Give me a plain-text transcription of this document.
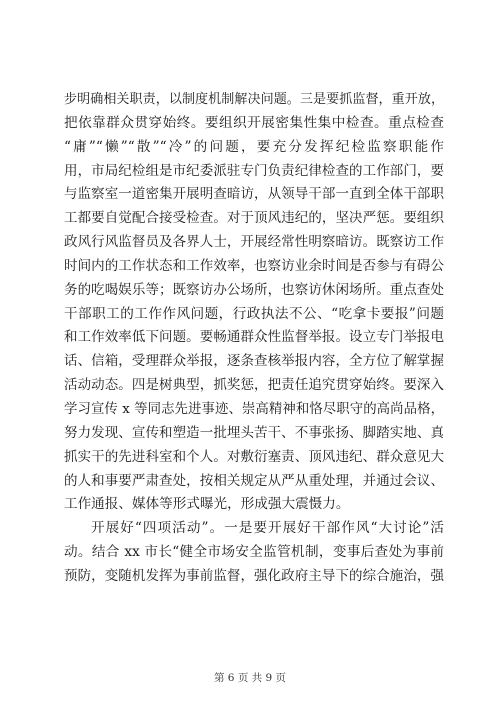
步明确相关职责，以制度机制解决问题。三是要抓监督，重开放，
把依靠群众贯穿始终。要组织开展密集性集中检查。重点检查
“庸”“懒”“散”“冷”的问题，要充分发挥纪检监察职能作
用，市局纪检组是市纪委派驻专门负责纪律检查的工作部门，要
与监察室一道密集开展明查暗访，从领导干部一直到全体干部职
工都要自觉配合接受检查。对于顶风违纪的，坚决严惩。要组织
政风行风监督员及各界人士，开展经常性明察暗访。既察访工作
时间内的工作状态和工作效率，也察访业余时间是否参与有碍公
务的吃喝娱乐等；既察访办公场所，也察访休闲场所。重点查处
干部职工的工作作风问题，行政执法不公、“吃拿卡要报”问题
和工作效率低下问题。要畅通群众性监督举报。设立专门举报电
话、信箱，受理群众举报，逐条查核举报内容，全方位了解掌握
活动动态。四是树典型，抓奖惩，把责任追究贯穿始终。要深入
学习宣传 x 等同志先进事迹、崇高精神和恪尽职守的高尚品格，
努力发现、宣传和塑造一批埋头苦干、不事张扬、脚踏实地、真
抓实干的先进科室和个人。对敷衍塞责、顶风违纪、群众意见大
的人和事要严肃查处，按相关规定从严从重处理，并通过会议、
工作通报、媒体等形式曝光，形成强大震慑力。
开展好“四项活动”。一是要开展好干部作风“大讨论”活
动。结合 xx 市长“健全市场安全监管机制，变事后查处为事前
预防，变随机发挥为事前监督，强化政府主导下的综合施治，强
第 6 页 共 9 页
